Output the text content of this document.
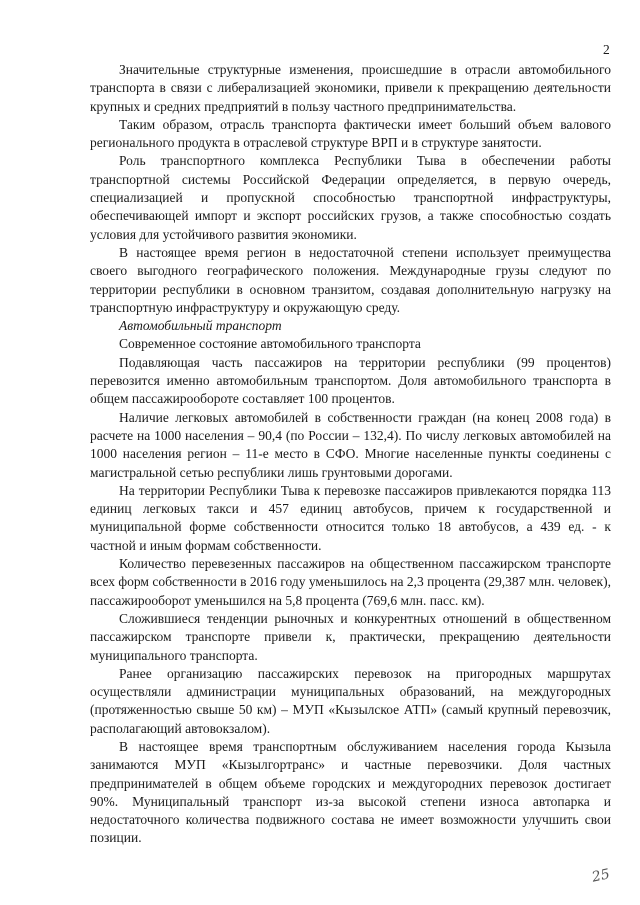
2

Значительные структурные изменения, происшедшие в отрасли автомобильного транспорта в связи с либерализацией экономики, привели к прекращению деятельности крупных и средних предприятий в пользу частного предпринимательства.

Таким образом, отрасль транспорта фактически имеет больший объем валового регионального продукта в отраслевой структуре ВРП и в структуре занятости.

Роль транспортного комплекса Республики Тыва в обеспечении работы транспортной системы Российской Федерации определяется, в первую очередь, специализацией и пропускной способностью транспортной инфраструктуры, обеспечивающей импорт и экспорт российских грузов, а также способностью создать условия для устойчивого развития экономики.

В настоящее время регион в недостаточной степени использует преимущества своего выгодного географического положения. Международные грузы следуют по территории республики в основном транзитом, создавая дополнительную нагрузку на транспортную инфраструктуру и окружающую среду.

Автомобильный транспорт

Современное состояние автомобильного транспорта

Подавляющая часть пассажиров на территории республики (99 процентов) перевозится именно автомобильным транспортом. Доля автомобильного транспорта в общем пассажирообороте составляет 100 процентов.

Наличие легковых автомобилей в собственности граждан (на конец 2008 года) в расчете на 1000 населения – 90,4 (по России – 132,4). По числу легковых автомобилей на 1000 населения регион – 11-е место в СФО. Многие населенные пункты соединены с магистральной сетью республики лишь грунтовыми дорогами.

На территории Республики Тыва к перевозке пассажиров привлекаются порядка 113 единиц легковых такси и 457 единиц автобусов, причем к государственной и муниципальной форме собственности относится только 18 автобусов, а 439 ед. - к частной и иным формам собственности.

Количество перевезенных пассажиров на общественном пассажирском транспорте всех форм собственности в 2016 году уменьшилось на 2,3 процента (29,387 млн. человек), пассажирооборот уменьшился на 5,8 процента (769,6 млн. пасс. км).

Сложившиеся тенденции рыночных и конкурентных отношений в общественном пассажирском транспорте привели к, практически, прекращению деятельности муниципального транспорта.

Ранее организацию пассажирских перевозок на пригородных маршрутах осуществляли администрации муниципальных образований, на междугородных (протяженностью свыше 50 км) – МУП «Кызылское АТП» (самый крупный перевозчик, располагающий автовокзалом).

В настоящее время транспортным обслуживанием населения города Кызыла занимаются МУП «Кызылгортранс» и частные перевозчики. Доля частных предпринимателей в общем объеме городских и междугородних перевозок достигает 90%. Муниципальный транспорт из-за высокой степени износа автопарка и недостаточного количества подвижного состава не имеет возможности улучшить свои позиции.

25
